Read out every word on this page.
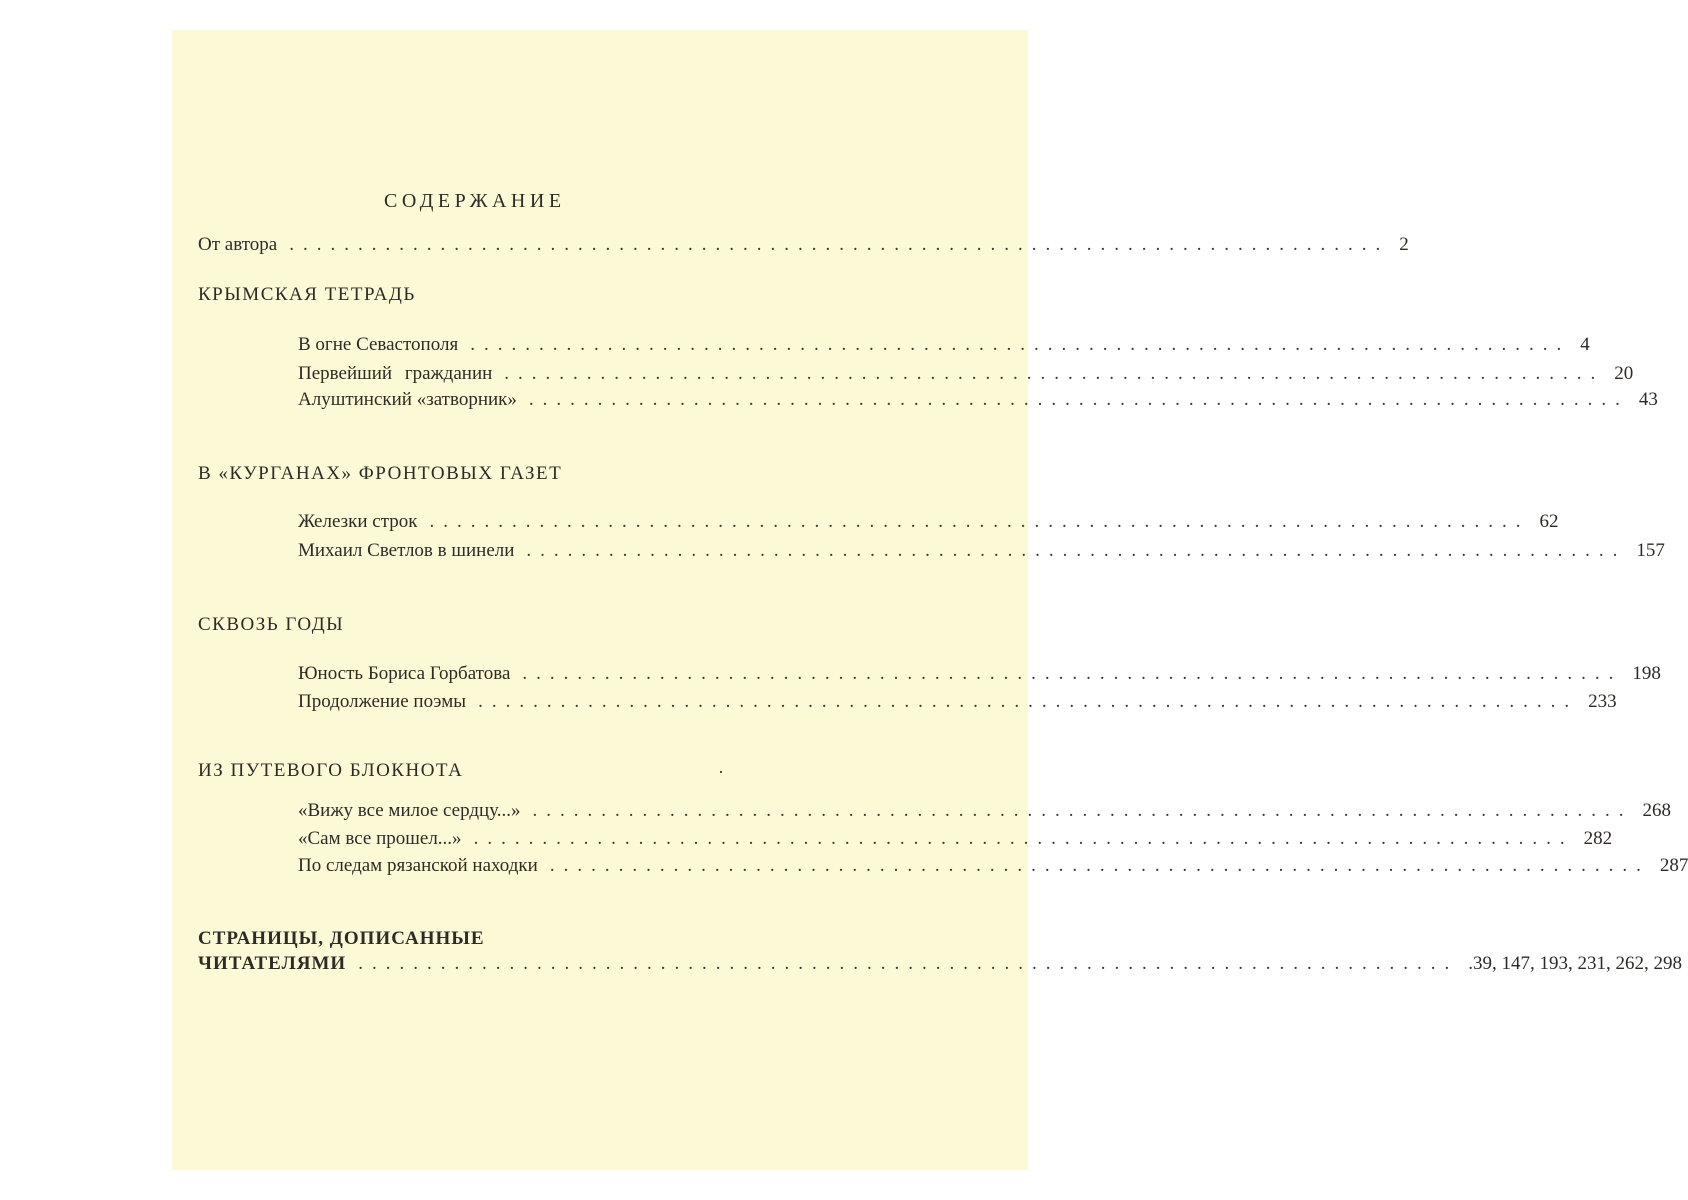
СОДЕРЖАНИЕ
От автора ................................................................................ 2
КРЫМСКАЯ ТЕТРАДЬ
В огне Севастополя ................................................................................ 4
Первейший гражданин ................................................................................ 20
Алуштинский «затворник» ................................................................................ 43
В «КУРГАНАХ» ФРОНТОВЫХ ГАЗЕТ
Железки строк ................................................................................ 62
Михаил Светлов в шинели ................................................................................ 157
СКВОЗЬ ГОДЫ
Юность Бориса Горбатова ................................................................................ 198
Продолжение поэмы ................................................................................ 233
ИЗ ПУТЕВОГО БЛОКНОТА	·
«Вижу все милое сердцу...» ................................................................................ 268
«Сам все прошел...» ................................................................................ 282
По следам рязанской находки ................................................................................ 287
СТРАНИЦЫ, ДОПИСАННЫЕ
ЧИТАТЕЛЯМИ ................................................................................ .39, 147, 193, 231, 262, 298
